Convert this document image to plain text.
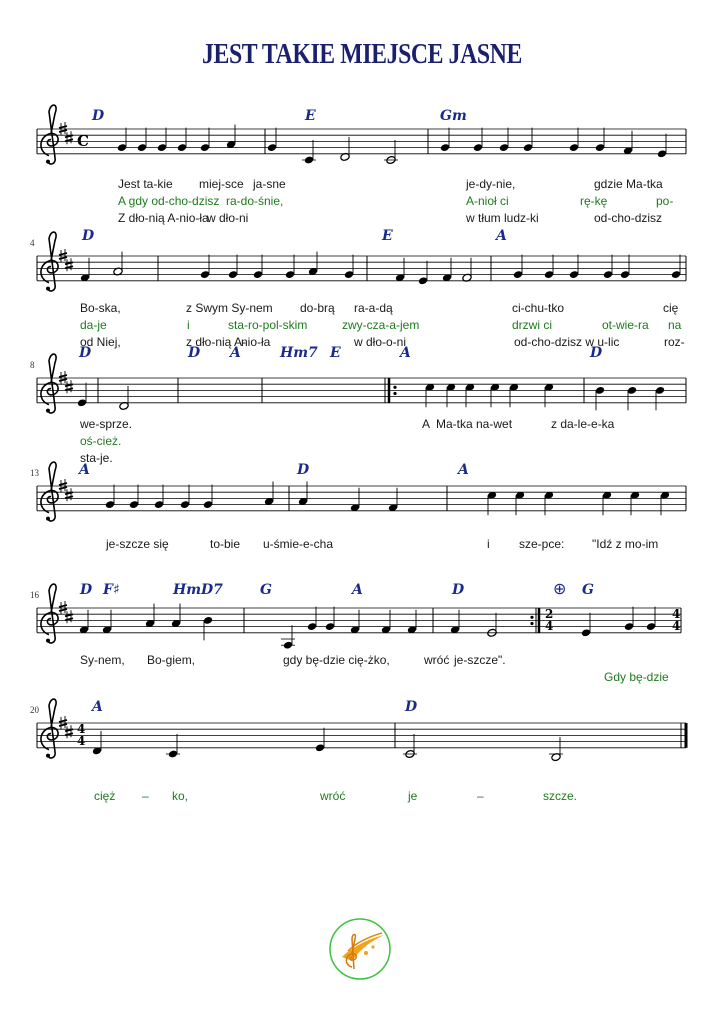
JEST TAKIE MIEJSCE JASNE
C
D	E	Gm
Jest ta-kie miej-sce ja-sne	je-dy-nie,	gdzie Ma-tka
A gdy od-cho-dzisz ra-do-śnie,	A-nioł ci	rę-kę	po-
Z dło-nią A-nio-ła
w dło-ni	w tłum ludz-ki	od-cho-dzisz
4	D	E	A
Bo-ska,	z Swym Sy-nem do-brą ra-a-dą	ci-chu-tko	cię
da-je	i	sta-ro-pol-skim	zwy-cza-a-jem	drzwi ci	ot-wie-ra na
od Niej,	z dło-nią A-
nio-ła	w dło-o-ni	od-cho-dzisz w u-lic	roz-
8
D	D A	Hm7 E	A	D
we-sprze.	A Ma-tka na-wet	z da-le-e-ka
oś-cież.
sta-je.
13	A	D	A
je-szcze się	to-bie u-śmie-e-cha	i sze-pce: "Idź z mo-im
2
4
4
4
16	⊕
D F♯	HmD7	G	A	D	G
Sy-nem, Bo-giem,	gdy bę-dzie cię-żko,	wróć je-szcze".
Gdy bę-dzie
4
4
20	A	D
cięż – ko,	wróć	je	–	szcze.
